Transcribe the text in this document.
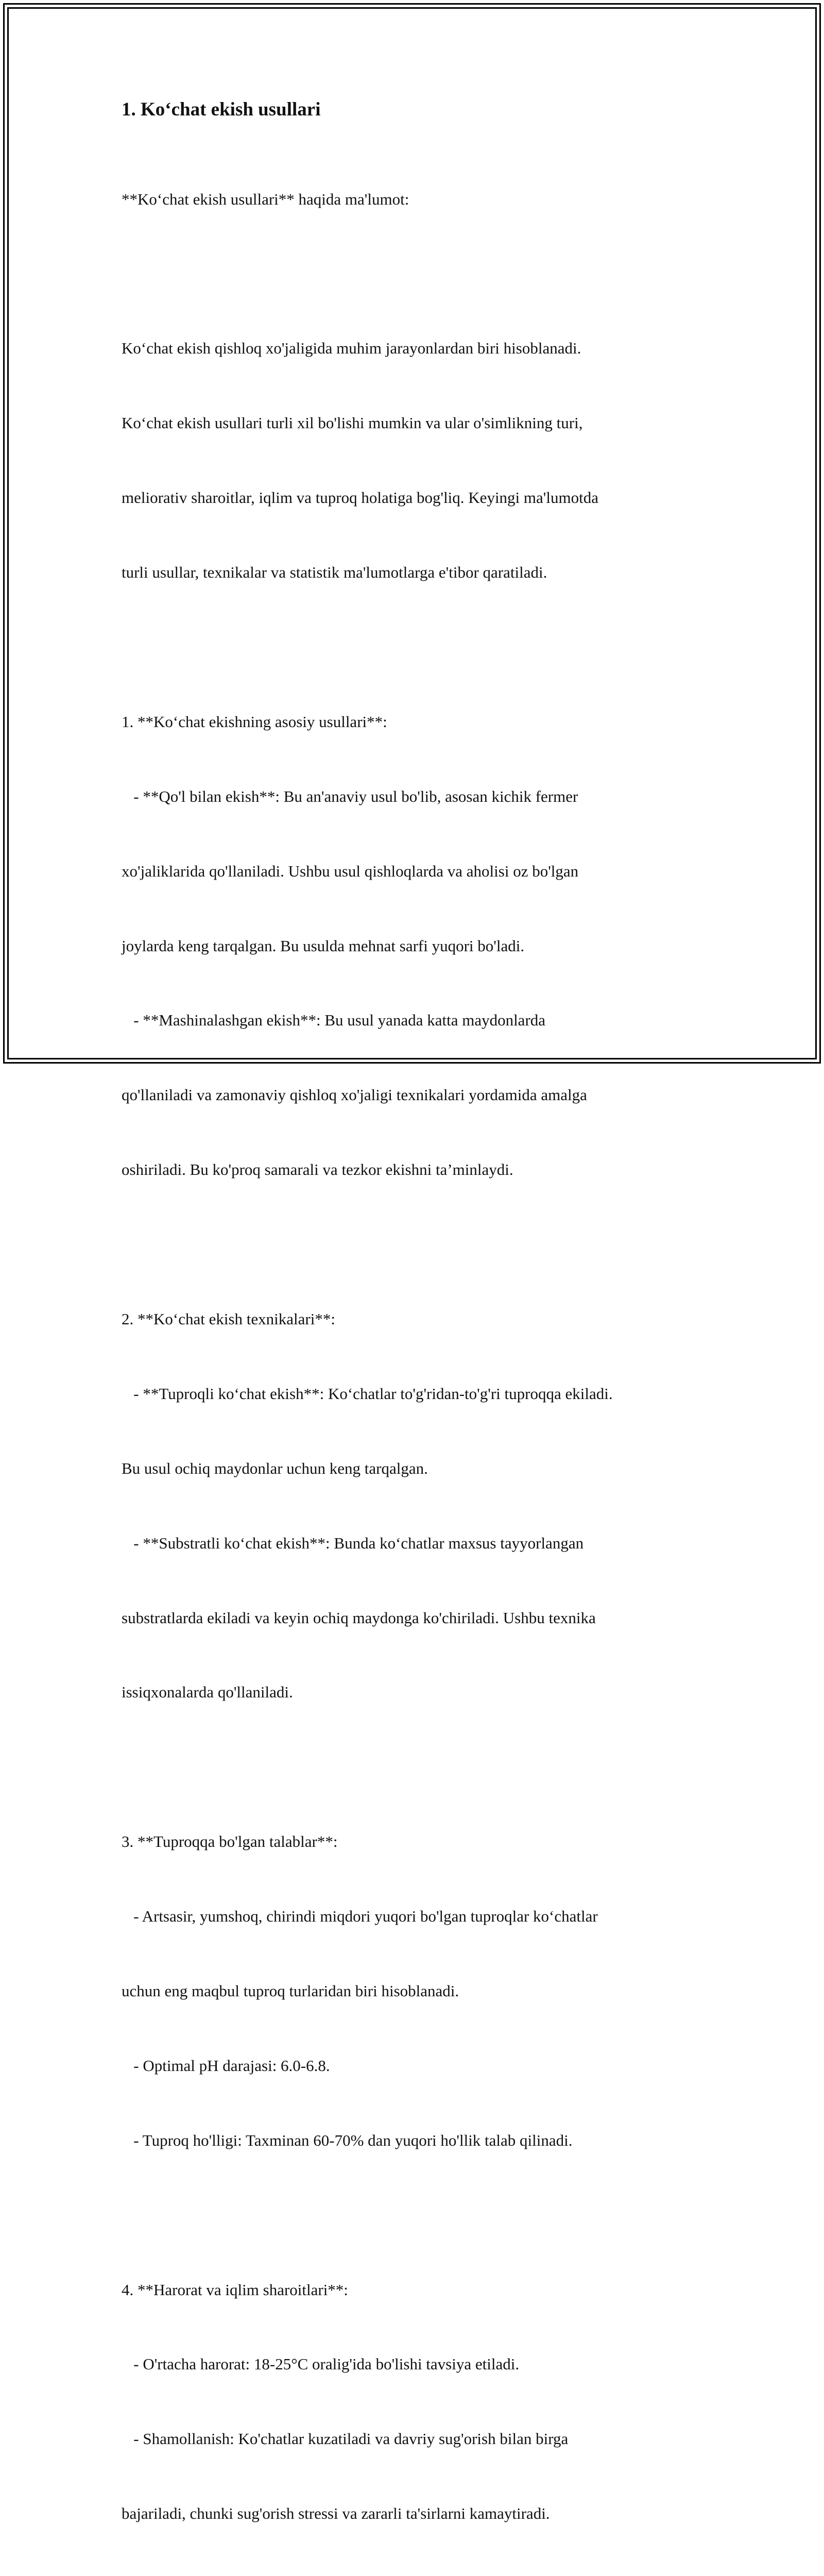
1. Ko‘chat ekish usullari

**Ko‘chat ekish usullari** haqida ma'lumot:

Ko‘chat ekish qishloq xo'jaligida muhim jarayonlardan biri hisoblanadi.

Ko‘chat ekish usullari turli xil bo'lishi mumkin va ular o'simlikning turi,

meliorativ sharoitlar, iqlim va tuproq holatiga bog'liq. Keyingi ma'lumotda

turli usullar, texnikalar va statistik ma'lumotlarga e'tibor qaratiladi.

1. **Ko‘chat ekishning asosiy usullari**:

- **Qo'l bilan ekish**: Bu an'anaviy usul bo'lib, asosan kichik fermer

xo'jaliklarida qo'llaniladi. Ushbu usul qishloqlarda va aholisi oz bo'lgan

joylarda keng tarqalgan. Bu usulda mehnat sarfi yuqori bo'ladi.

- **Mashinalashgan ekish**: Bu usul yanada katta maydonlarda

qo'llaniladi va zamonaviy qishloq xo'jaligi texnikalari yordamida amalga

oshiriladi. Bu ko'proq samarali va tezkor ekishni ta’minlaydi.

2. **Ko‘chat ekish texnikalari**:

- **Tuproqli ko‘chat ekish**: Ko‘chatlar to'g'ridan-to'g'ri tuproqqa ekiladi.

Bu usul ochiq maydonlar uchun keng tarqalgan.

- **Substratli ko‘chat ekish**: Bunda ko‘chatlar maxsus tayyorlangan

substratlarda ekiladi va keyin ochiq maydonga ko'chiriladi. Ushbu texnika

issiqxonalarda qo'llaniladi.

3. **Tuproqqa bo'lgan talablar**:

- Artsasir, yumshoq, chirindi miqdori yuqori bo'lgan tuproqlar ko‘chatlar

uchun eng maqbul tuproq turlaridan biri hisoblanadi.

- Optimal pH darajasi: 6.0-6.8.

- Tuproq ho'lligi: Taxminan 60-70% dan yuqori ho'llik talab qilinadi.

4. **Harorat va iqlim sharoitlari**:

- O'rtacha harorat: 18-25°C oralig'ida bo'lishi tavsiya etiladi.

- Shamollanish: Ko'chatlar kuzatiladi va davriy sug'orish bilan birga

bajariladi, chunki sug'orish stressi va zararli ta'sirlarni kamaytiradi.
